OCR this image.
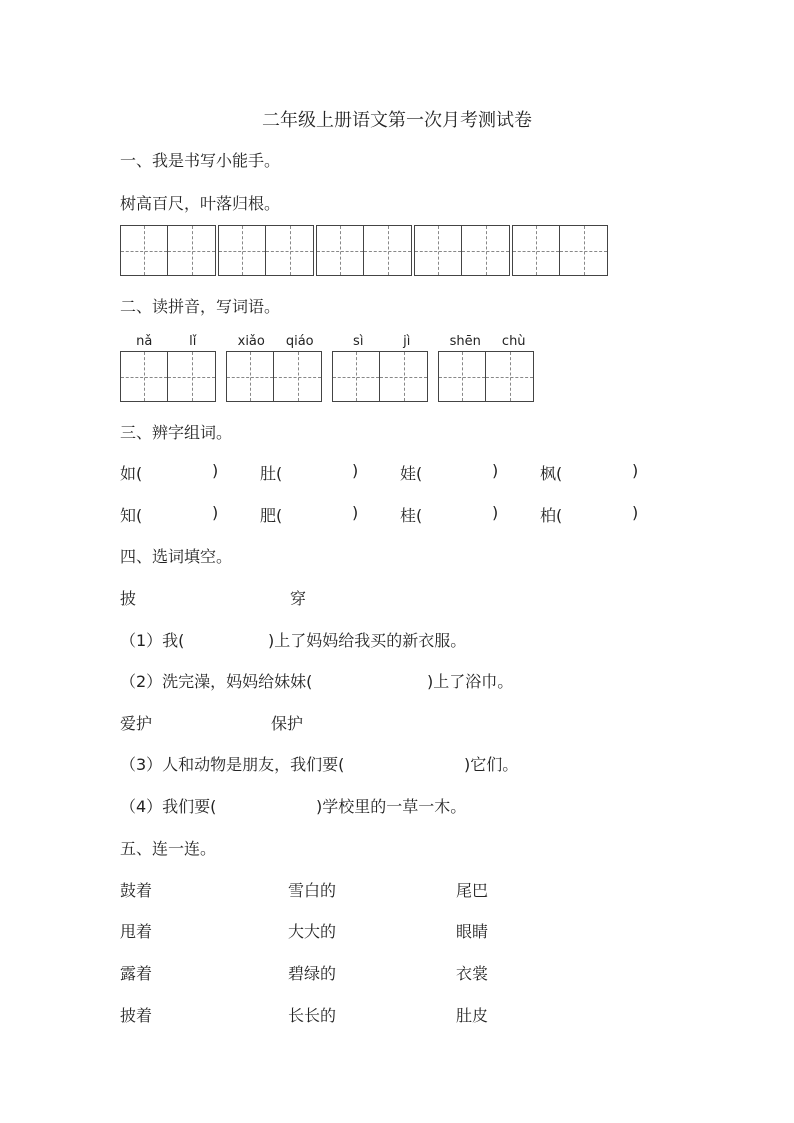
二年级上册语文第一次月考测试卷
一、我是书写小能手。
树高百尺，叶落归根。
二、读拼音，写词语。
nǎ	lǐ	xiǎo	qiáo	sì	jì	shēn	chù
三、辨字组词。
如(	)	肚(	)	娃(	)	枫(	)
知(	)	肥(	)	桂(	)	柏(	)
四、选词填空。
披	穿
（1）我(	)上了妈妈给我买的新衣服。
（2）洗完澡，妈妈给妹妹(	)上了浴巾。
爱护	保护
（3）人和动物是朋友，我们要(	)它们。
（4）我们要(	)学校里的一草一木。
五、连一连。
鼓着	雪白的	尾巴
甩着	大大的	眼睛
露着	碧绿的	衣裳
披着	长长的	肚皮
